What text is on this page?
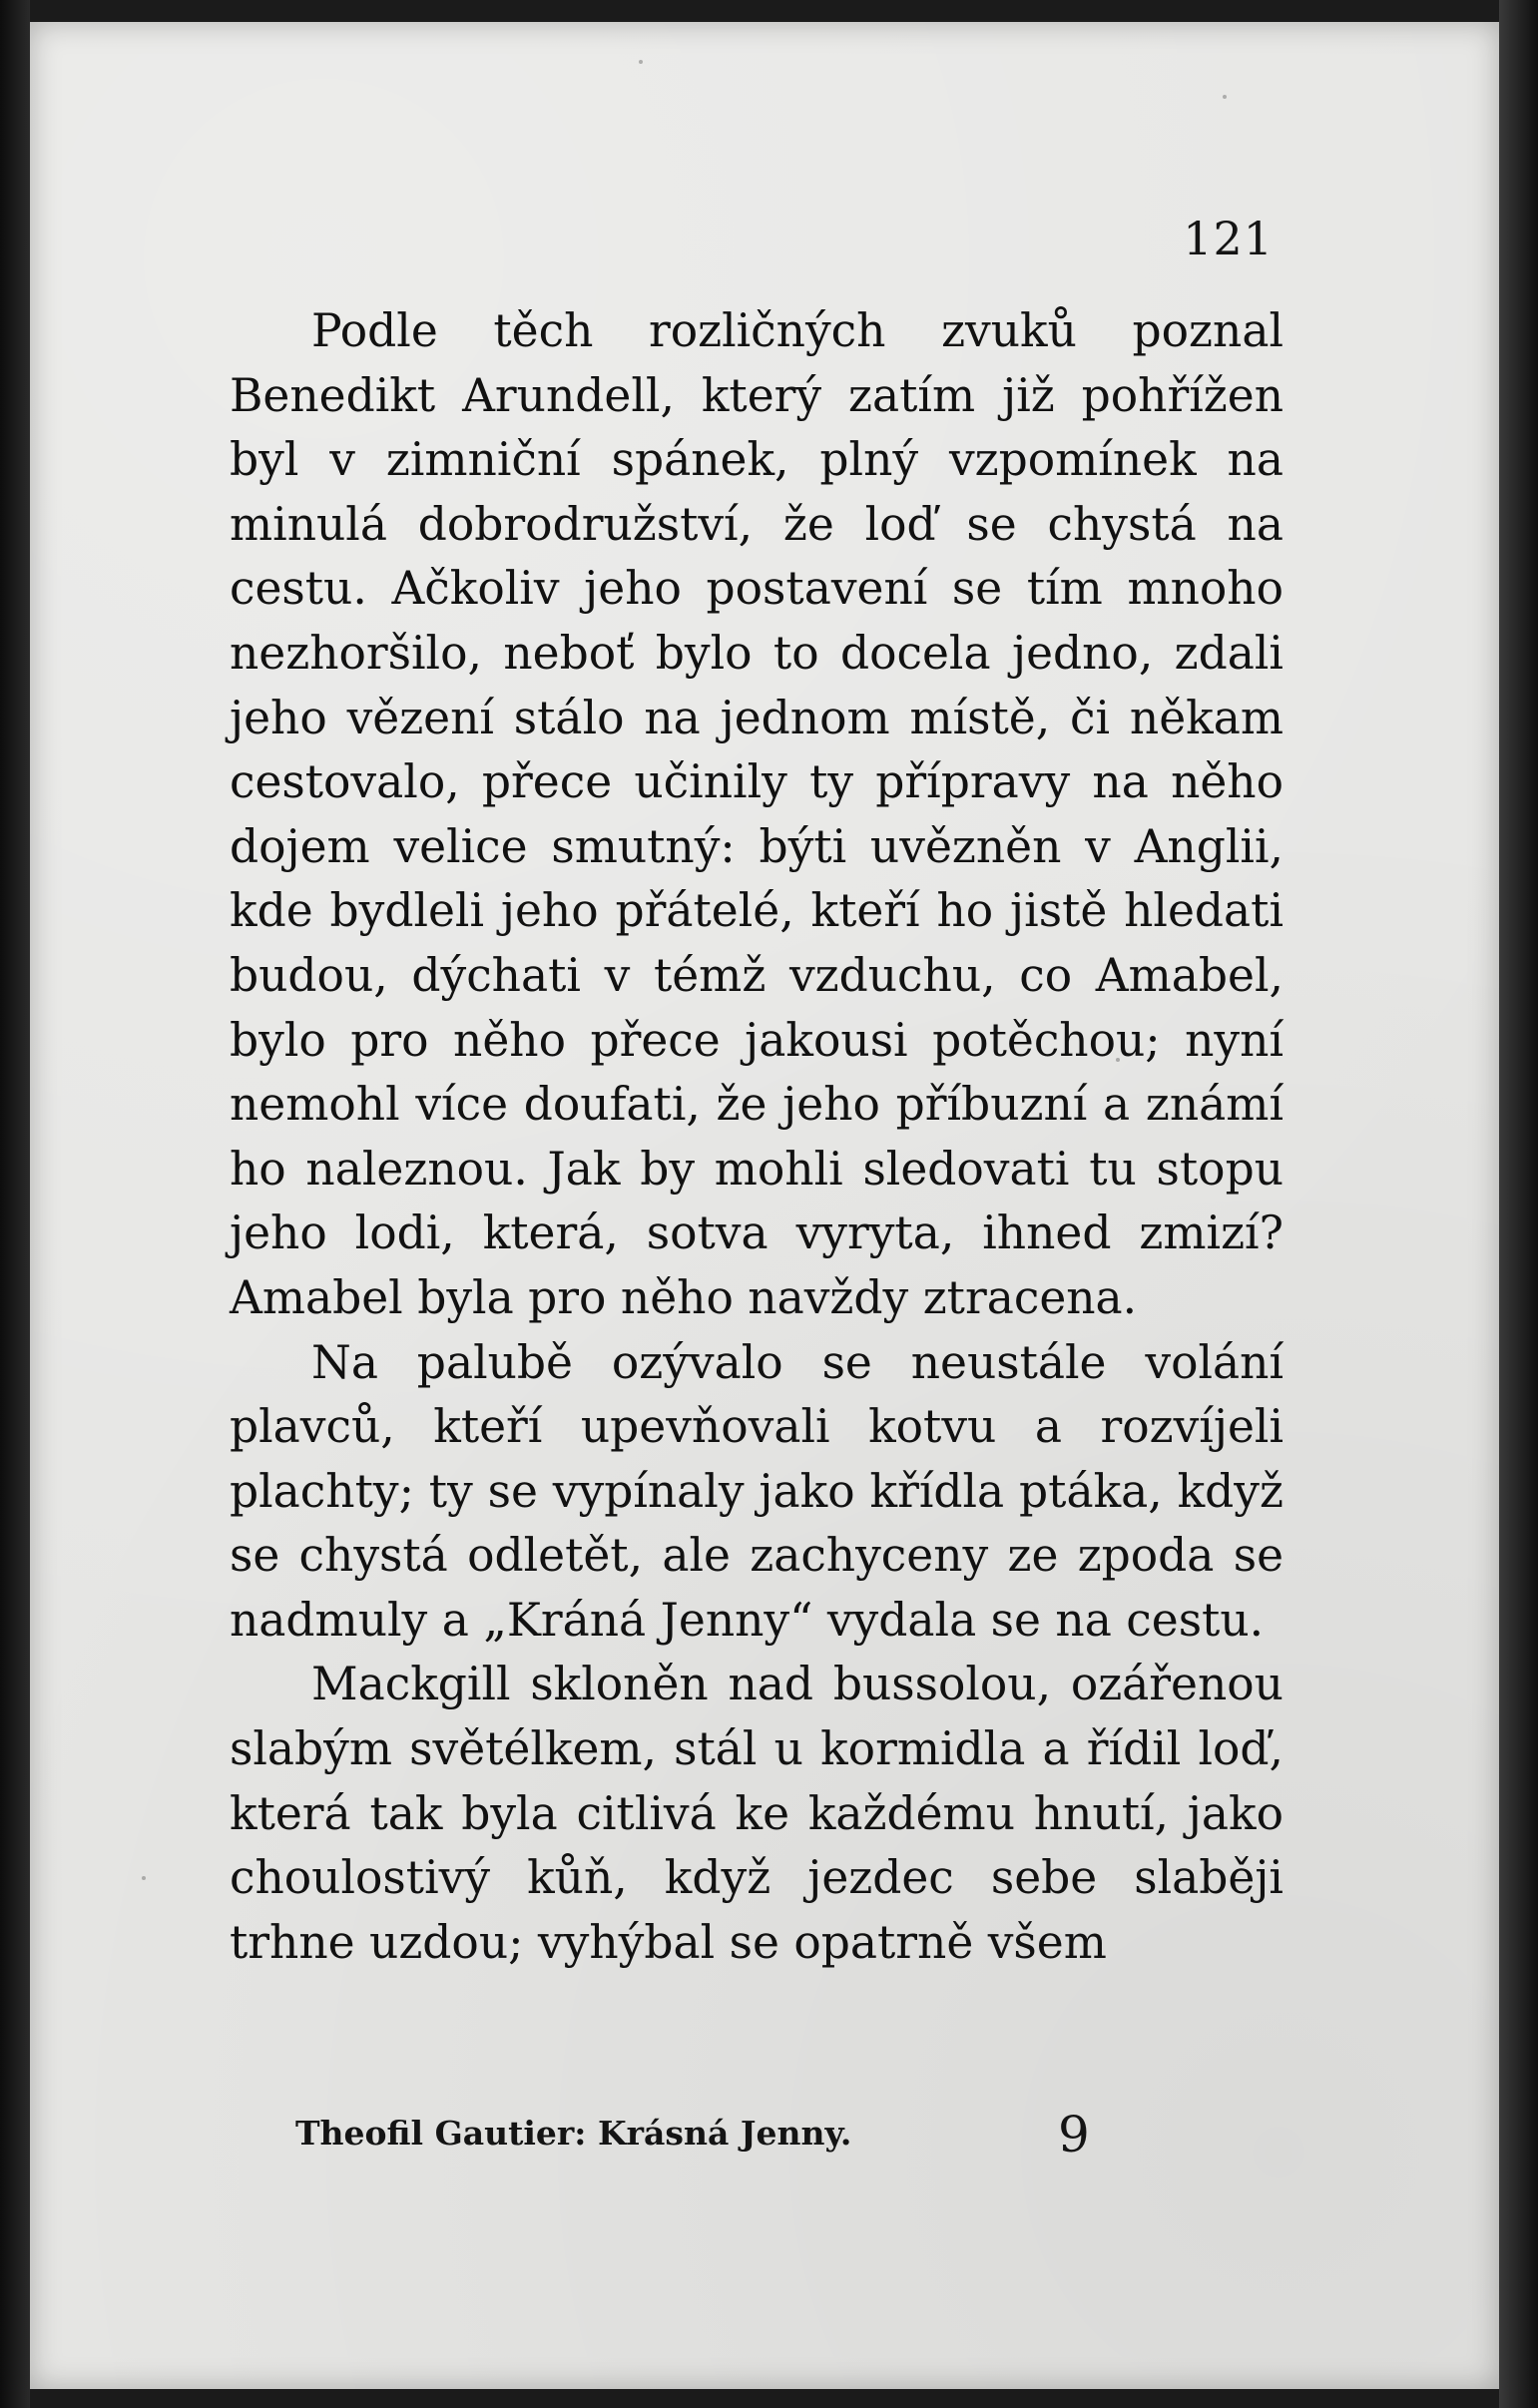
121

Podle těch rozličných zvuků poznal Benedikt Arundell, který zatím již pohřížen byl v zimniční spánek, plný vzpomínek na minulá dobrodružství, že loď se chystá na cestu. Ačkoliv jeho postavení se tím mnoho nezhoršilo, neboť bylo to docela jedno, zdali jeho vězení stálo na jednom místě, či někam cestovalo, přece učinily ty přípravy na něho dojem velice smutný: býti uvězněn v Anglii, kde bydleli jeho přátelé, kteří ho jistě hledati budou, dýchati v témž vzduchu, co Amabel, bylo pro něho přece jakousi potěchou; nyní nemohl více doufati, že jeho příbuzní a známí ho naleznou. Jak by mohli sledovati tu stopu jeho lodi, která, sotva vyryta, ihned zmizí? Amabel byla pro něho navždy ztracena.

Na palubě ozývalo se neustále volání plavců, kteří upevňovali kotvu a rozvíjeli plachty; ty se vypínaly jako křídla ptáka, když se chystá odletět, ale zachyceny ze zpoda se nadmuly a „Kráná Jenny“ vydala se na cestu.

Mackgill skloněn nad bussolou, ozářenou slabým světélkem, stál u kormidla a řídil loď, která tak byla citlivá ke každému hnutí, jako choulostivý kůň, když jezdec sebe slaběji trhne uzdou; vyhýbal se opatrně všem

Theofil Gautier: Krásná Jenny.	9
